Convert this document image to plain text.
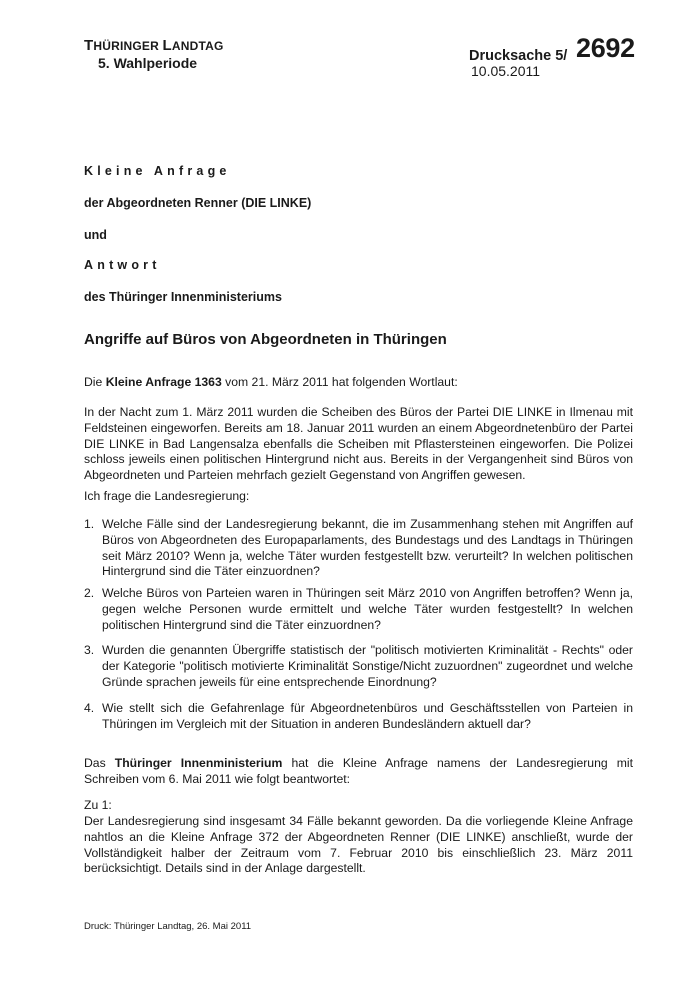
THÜRINGER LANDTAG
5. Wahlperiode	Drucksache 5/ 2692
10.05.2011
Kleine Anfrage
der Abgeordneten Renner (DIE LINKE)
und
Antwort
des Thüringer Innenministeriums
Angriffe auf Büros von Abgeordneten in Thüringen
Die Kleine Anfrage 1363 vom 21. März 2011 hat folgenden Wortlaut:
In der Nacht zum 1. März 2011 wurden die Scheiben des Büros der Partei DIE LINKE in Ilmenau mit Feldsteinen eingeworfen. Bereits am 18. Januar 2011 wurden an einem Abgeordnetenbüro der Partei DIE LINKE in Bad Langensalza ebenfalls die Scheiben mit Pflastersteinen eingeworfen. Die Polizei schloss jeweils einen politischen Hintergrund nicht aus. Bereits in der Vergangenheit sind Büros von Abgeordneten und Parteien mehrfach gezielt Gegenstand von Angriffen gewesen.
Ich frage die Landesregierung:
1. Welche Fälle sind der Landesregierung bekannt, die im Zusammenhang stehen mit Angriffen auf Büros von Abgeordneten des Europaparlaments, des Bundestags und des Landtags in Thüringen seit März 2010? Wenn ja, welche Täter wurden festgestellt bzw. verurteilt? In welchen politischen Hintergrund sind die Täter einzuordnen?
2. Welche Büros von Parteien waren in Thüringen seit März 2010 von Angriffen betroffen? Wenn ja, gegen welche Personen wurde ermittelt und welche Täter wurden festgestellt? In welchen politischen Hintergrund sind die Täter einzuordnen?
3. Wurden die genannten Übergriffe statistisch der "politisch motivierten Kriminalität - Rechts" oder der Kategorie "politisch motivierte Kriminalität Sonstige/Nicht zuzuordnen" zugeordnet und welche Gründe sprachen jeweils für eine entsprechende Einordnung?
4. Wie stellt sich die Gefahrenlage für Abgeordnetenbüros und Geschäftsstellen von Parteien in Thüringen im Vergleich mit der Situation in anderen Bundesländern aktuell dar?
Das Thüringer Innenministerium hat die Kleine Anfrage namens der Landesregierung mit Schreiben vom 6. Mai 2011 wie folgt beantwortet:
Zu 1:
Der Landesregierung sind insgesamt 34 Fälle bekannt geworden. Da die vorliegende Kleine Anfrage nahtlos an die Kleine Anfrage 372 der Abgeordneten Renner (DIE LINKE) anschließt, wurde der Vollständigkeit halber der Zeitraum vom 7. Februar 2010 bis einschließlich 23. März 2011 berücksichtigt. Details sind in der Anlage dargestellt.
Druck: Thüringer Landtag, 26. Mai 2011
